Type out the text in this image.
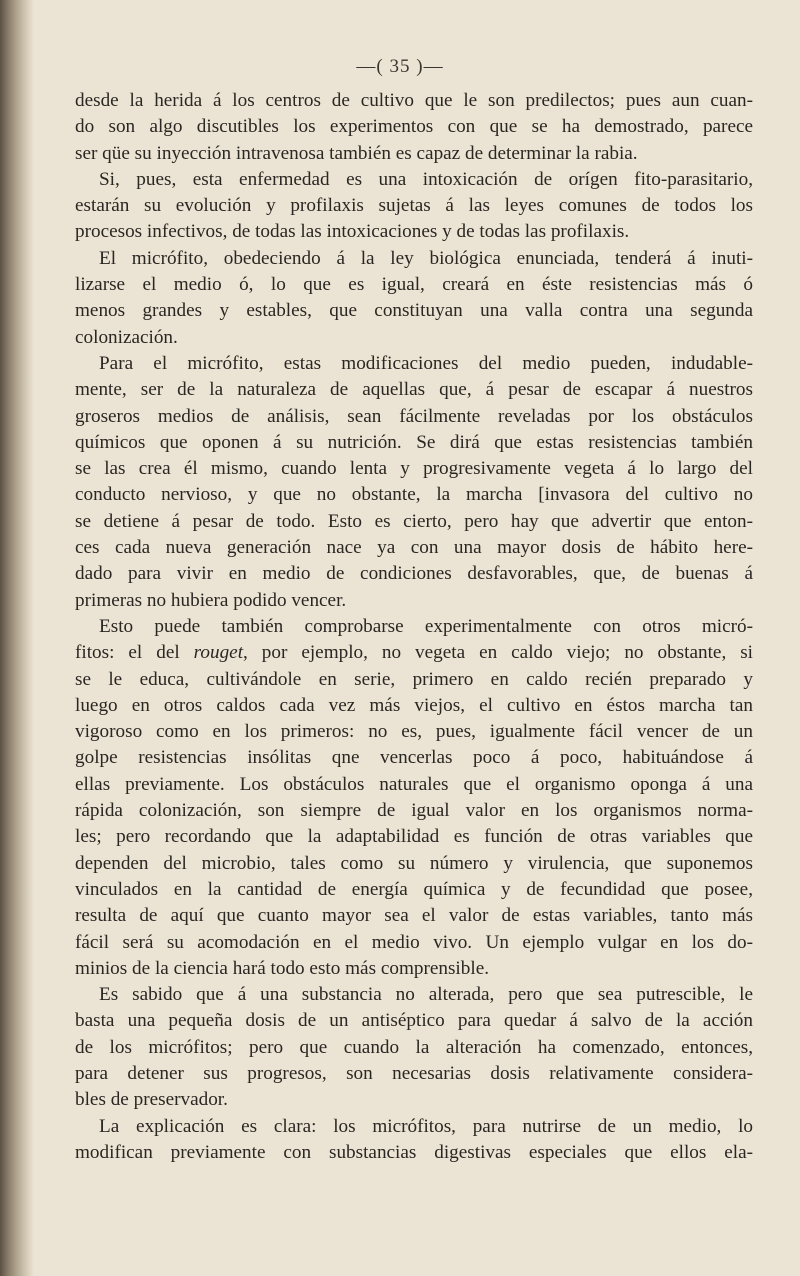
—( 35 )—
desde la herida á los centros de cultivo que le son predilectos; pues aun cuan-
do son algo discutibles los experimentos con que se ha demostrado, parece
ser qüe su inyección intravenosa también es capaz de determinar la rabia.
Si, pues, esta enfermedad es una intoxicación de orígen fito-parasitario,
estarán su evolución y profilaxis sujetas á las leyes comunes de todos los
procesos infectivos, de todas las intoxicaciones y de todas las profilaxis.
El micrófito, obedeciendo á la ley biológica enunciada, tenderá á inuti-
lizarse el medio ó, lo que es igual, creará en éste resistencias más ó
menos grandes y estables, que constituyan una valla contra una segunda
colonización.
Para el micrófito, estas modificaciones del medio pueden, indudable-
mente, ser de la naturaleza de aquellas que, á pesar de escapar á nuestros
groseros medios de análisis, sean fácilmente reveladas por los obstáculos
químicos que oponen á su nutrición. Se dirá que estas resistencias también
se las crea él mismo, cuando lenta y progresivamente vegeta á lo largo del
conducto nervioso, y que no obstante, la marcha [invasora del cultivo no
se detiene á pesar de todo. Esto es cierto, pero hay que advertir que enton-
ces cada nueva generación nace ya con una mayor dosis de hábito here-
dado para vivir en medio de condiciones desfavorables, que, de buenas á
primeras no hubiera podido vencer.
Esto puede también comprobarse experimentalmente con otros micró-
fitos: el del rouget, por ejemplo, no vegeta en caldo viejo; no obstante, si
se le educa, cultivándole en serie, primero en caldo recién preparado y
luego en otros caldos cada vez más viejos, el cultivo en éstos marcha tan
vigoroso como en los primeros: no es, pues, igualmente fácil vencer de un
golpe resistencias insólitas qne vencerlas poco á poco, habituándose á
ellas previamente. Los obstáculos naturales que el organismo oponga á una
rápida colonización, son siempre de igual valor en los organismos norma-
les; pero recordando que la adaptabilidad es función de otras variables que
dependen del microbio, tales como su número y virulencia, que suponemos
vinculados en la cantidad de energía química y de fecundidad que posee,
resulta de aquí que cuanto mayor sea el valor de estas variables, tanto más
fácil será su acomodación en el medio vivo. Un ejemplo vulgar en los do-
minios de la ciencia hará todo esto más comprensible.
Es sabido que á una substancia no alterada, pero que sea putrescible, le
basta una pequeña dosis de un antiséptico para quedar á salvo de la acción
de los micrófitos; pero que cuando la alteración ha comenzado, entonces,
para detener sus progresos, son necesarias dosis relativamente considera-
bles de preservador.
La explicación es clara: los micrófitos, para nutrirse de un medio, lo
modifican previamente con substancias digestivas especiales que ellos ela-
